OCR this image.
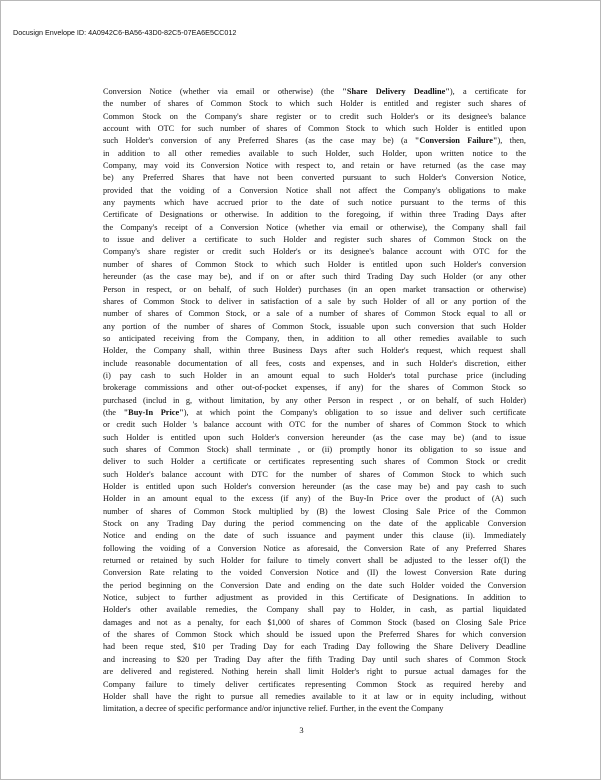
Docusign Envelope ID: 4A0942C6-BA56-43D0-82C5-07EA6E5CC012
Conversion Notice (whether via email or otherwise) (the "Share Delivery Deadline"), a certificate for
the number of shares of Common Stock to which such Holder is entitled and register such shares of
Common Stock on the Company's share register or to credit such Holder's or its designee's balance
account with OTC for such number of shares of Common Stock to which such Holder is entitled upon
such Holder's conversion of any Preferred Shares (as the case may be) (a "Conversion Failure"), then,
in addition to all other remedies available to such Holder, such Holder, upon written notice to the
Company, may void its Conversion Notice with respect to, and retain or have returned (as the case may
be) any Preferred Shares that have not been converted pursuant to such Holder's Conversion Notice,
provided that the voiding of a Conversion Notice shall not affect the Company's obligations to make
any payments which have accrued prior to the date of such notice pursuant to the terms of this
Certificate of Designations or otherwise. In addition to the foregoing, if within three Trading Days after
the Company's receipt of a Conversion Notice (whether via email or otherwise), the Company shall fail
to issue and deliver a certificate to such Holder and register such shares of Common Stock on the
Company's share register or credit such Holder's or its designee's balance account with OTC for the
number of shares of Common Stock to which such Holder is entitled upon such Holder's conversion
hereunder (as the case may be), and if on or after such third Trading Day such Holder (or any other
Person in respect, or on behalf, of such Holder) purchases (in an open market transaction or otherwise)
shares of Common Stock to deliver in satisfaction of a sale by such Holder of all or any portion of the
number of shares of Common Stock, or a sale of a number of shares of Common Stock equal to all or
any portion of the number of shares of Common Stock, issuable upon such conversion that such Holder
so anticipated receiving from the Company, then, in addition to all other remedies available to such
Holder, the Company shall, within three Business Days after such Holder's request, which request shall
include reasonable documentation of all fees, costs and expenses, and in such Holder's discretion, either
(i) pay cash to such Holder in an amount equal to such Holder's total purchase price (including
brokerage commissions and other out-of-pocket expenses, if any) for the shares of Common Stock so
purchased (includ in g, without limitation, by any other Person in respect , or on behalf, of such Holder)
(the "Buy-In Price"), at which point the Company's obligation to so issue and deliver such certificate
or credit such Holder 's balance account with OTC for the number of shares of Common Stock to which
such Holder is entitled upon such Holder's conversion hereunder (as the case may be) (and to issue
such shares of Common Stock) shall terminate , or (ii) promptly honor its obligation to so issue and
deliver to such Holder a certificate or certificates representing such shares of Common Stock or credit
such Holder's balance account with DTC for the number of shares of Common Stock to which such
Holder is entitled upon such Holder's conversion hereunder (as the case may be) and pay cash to such
Holder in an amount equal to the excess (if any) of the Buy-In Price over the product of (A) such
number of shares of Common Stock multiplied by (B) the lowest Closing Sale Price of the Common
Stock on any Trading Day during the period commencing on the date of the applicable Conversion
Notice and ending on the date of such issuance and payment under this clause (ii). Immediately
following the voiding of a Conversion Notice as aforesaid, the Conversion Rate of any Preferred Shares
returned or retained by such Holder for failure to timely convert shall be adjusted to the lesser of(I) the
Conversion Rate relating to the voided Conversion Notice and (II) the lowest Conversion Rate during
the period beginning on the Conversion Date and ending on the date such Holder voided the Conversion
Notice, subject to further adjustment as provided in this Certificate of Designations. In addition to
Holder's other available remedies, the Company shall pay to Holder, in cash, as partial liquidated
damages and not as a penalty, for each $1,000 of shares of Common Stock (based on Closing Sale Price
of the shares of Common Stock which should be issued upon the Preferred Shares for which conversion
had been reque sted, $10 per Trading Day for each Trading Day following the Share Delivery Deadline
and increasing to $20 per Trading Day after the fifth Trading Day until such shares of Common Stock
are delivered and registered. Nothing herein shall limit Holder's right to pursue actual damages for the
Company failure to timely deliver certificates representing Common Stock as required hereby and
Holder shall have the right to pursue all remedies available to it at law or in equity including, without
limitation, a decree of specific performance and/or injunctive relief. Further, in the event the Company
3
